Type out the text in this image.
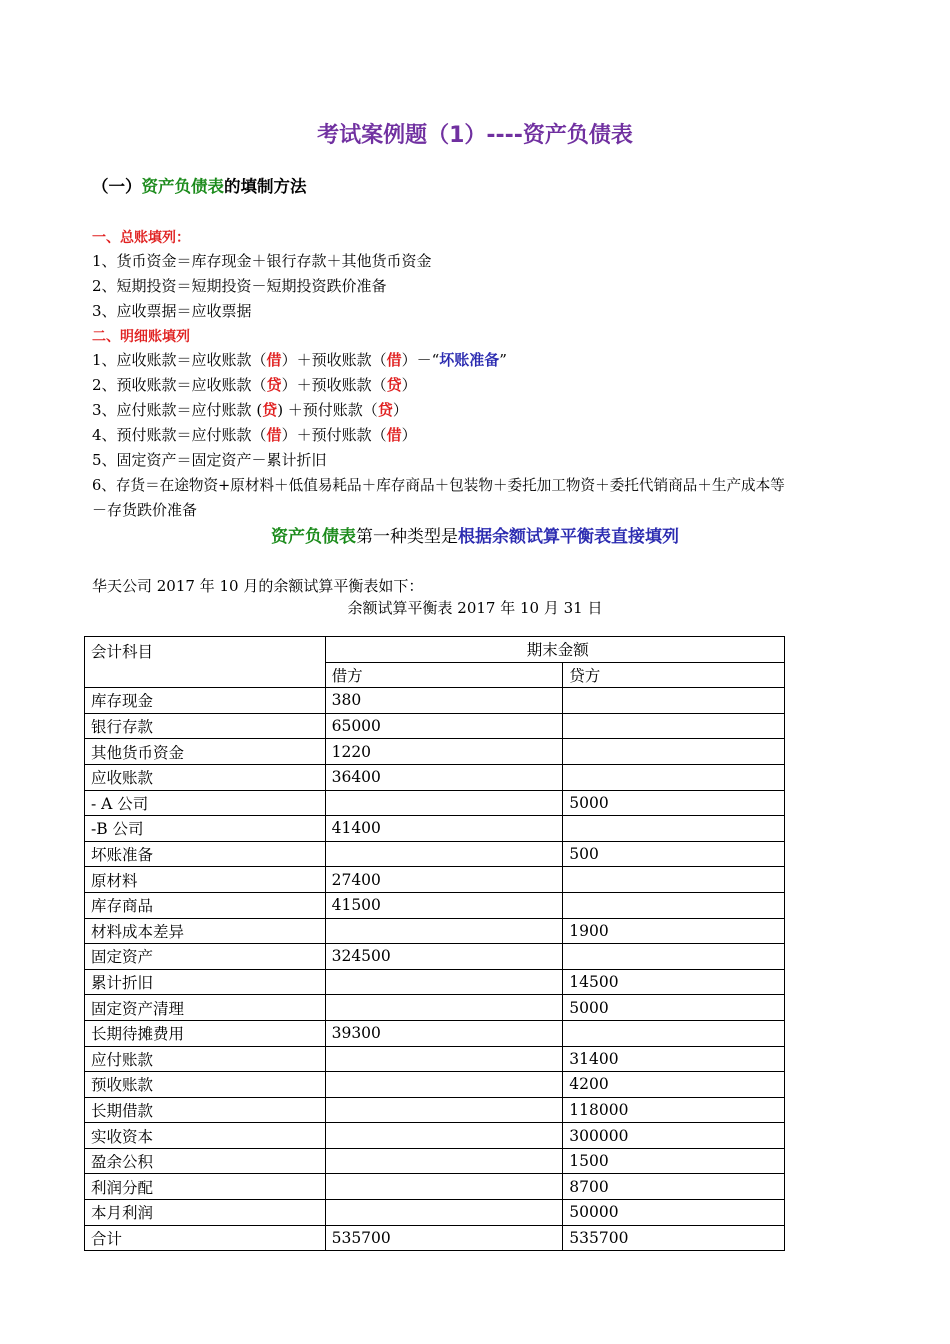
考试案例题（1）----资产负债表
（一）资产负债表的填制方法
一、总账填列：
1、货币资金＝库存现金＋银行存款＋其他货币资金
2、短期投资＝短期投资－短期投资跌价准备
3、应收票据＝应收票据
二、明细账填列
1、应收账款＝应收账款（借）＋预收账款（借）－“坏账准备”
2、预收账款＝应收账款（贷）＋预收账款（贷）
3、应付账款＝应付账款 (贷) ＋预付账款（贷）
4、预付账款＝应付账款（借）＋预付账款（借）
5、固定资产＝固定资产－累计折旧
6、存货＝在途物资+原材料＋低值易耗品＋库存商品＋包装物＋委托加工物资＋委托代销商品＋生产成本等
－存货跌价准备
资产负债表第一种类型是根据余额试算平衡表直接填列
华天公司 2017 年 10 月的余额试算平衡表如下：
余额试算平衡表 2017 年 10 月 31 日
会计科目	期末金额	
	借方	贷方
库存现金	380	
银行存款	65000	
其他货币资金	1220	
应收账款	36400	
- A 公司		5000
-B 公司	41400	
坏账准备		500
原材料	27400	
库存商品	41500	
材料成本差异		1900
固定资产	324500	
累计折旧		14500
固定资产清理		5000
长期待摊费用	39300	
应付账款		31400
预收账款		4200
长期借款		118000
实收资本		300000
盈余公积		1500
利润分配		8700
本月利润		50000
合计	535700	535700
